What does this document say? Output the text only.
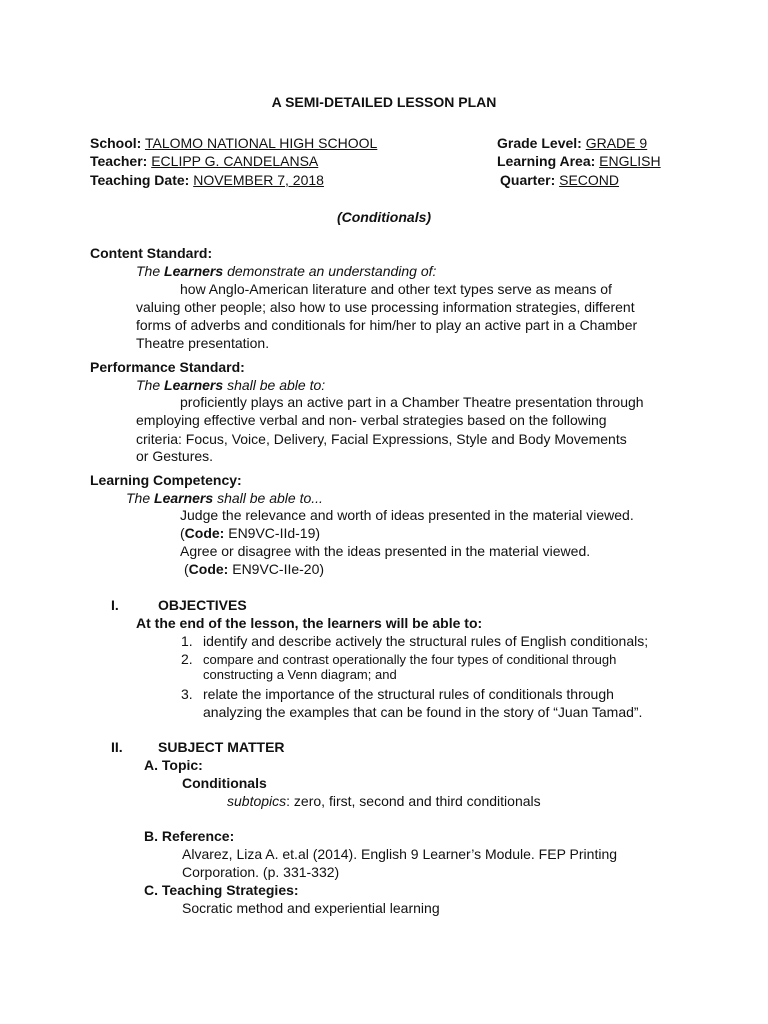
A SEMI-DETAILED LESSON PLAN
School: TALOMO NATIONAL HIGH SCHOOL
Teacher: ECLIPP G. CANDELANSA
Teaching Date: NOVEMBER 7, 2018
Grade Level: GRADE 9
Learning Area: ENGLISH
Quarter: SECOND
(Conditionals)
Content Standard:
The Learners demonstrate an understanding of:
how Anglo-American literature and other text types serve as means of
valuing other people; also how to use processing information strategies, different
forms of adverbs and conditionals for him/her to play an active part in a Chamber
Theatre presentation.
Performance Standard:
The Learners shall be able to:
proficiently plays an active part in a Chamber Theatre presentation through
employing effective verbal and non- verbal strategies based on the following
criteria: Focus, Voice, Delivery, Facial Expressions, Style and Body Movements
or Gestures.
Learning Competency:
The Learners shall be able to...
Judge the relevance and worth of ideas presented in the material viewed.
(Code: EN9VC-IId-19)
Agree or disagree with the ideas presented in the material viewed.
(Code: EN9VC-IIe-20)
I.	OBJECTIVES
At the end of the lesson, the learners will be able to:
1. identify and describe actively the structural rules of English conditionals;
2. compare and contrast operationally the four types of conditional through
constructing a Venn diagram; and
3. relate the importance of the structural rules of conditionals through
analyzing the examples that can be found in the story of “Juan Tamad”.
II.	SUBJECT MATTER
A. Topic:
Conditionals
subtopics: zero, first, second and third conditionals
B. Reference:
Alvarez, Liza A. et.al (2014). English 9 Learner’s Module. FEP Printing
Corporation. (p. 331-332)
C. Teaching Strategies:
Socratic method and experiential learning
